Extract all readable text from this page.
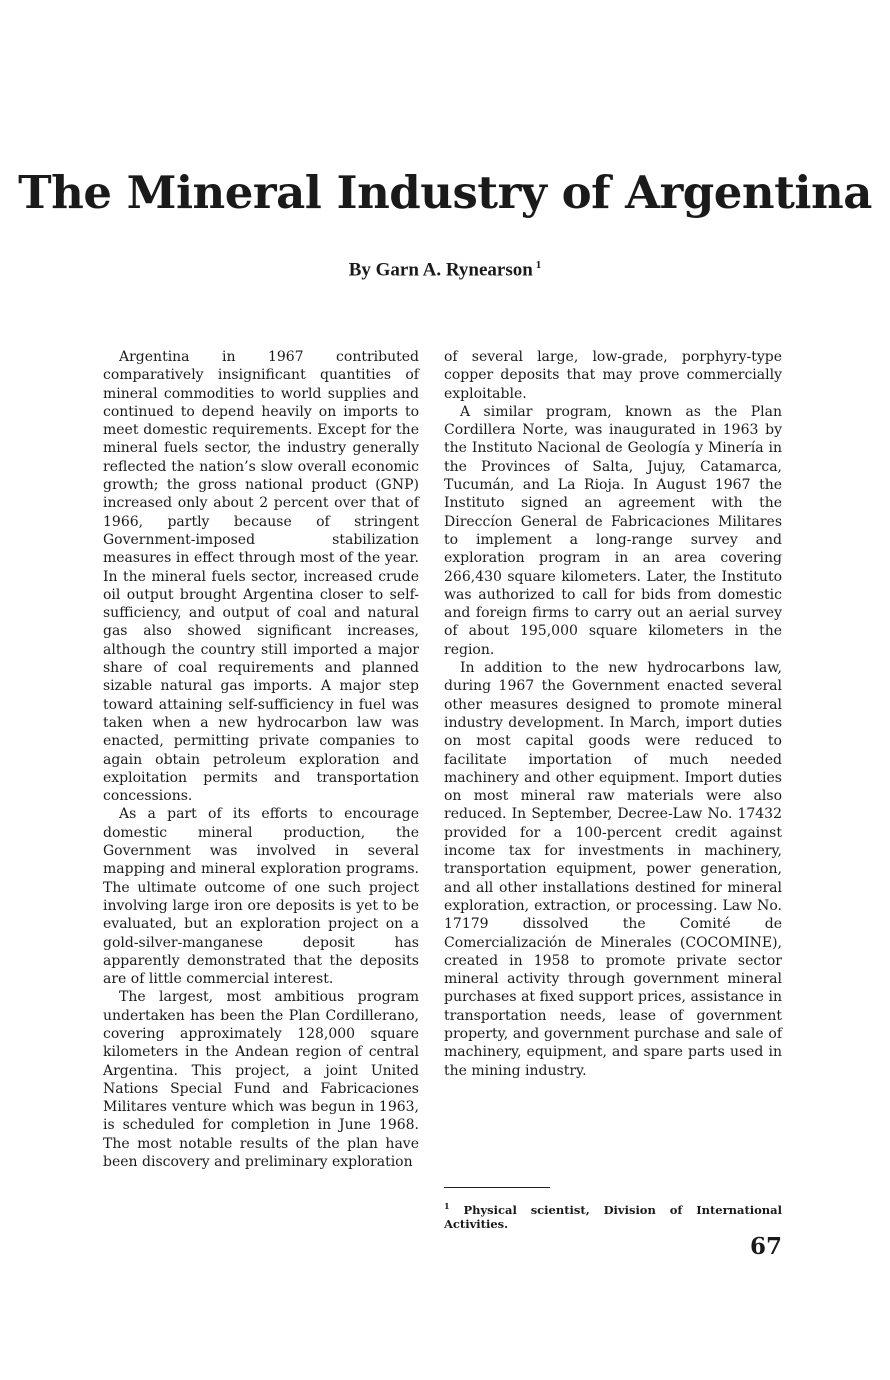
The Mineral Industry of Argentina
By Garn A. Rynearson $^1$

Argentina in 1967 contributed comparatively insignificant quantities of mineral commodities to world supplies and continued to depend heavily on imports to meet domestic requirements. Except for the mineral fuels sector, the industry generally reflected the nation’s slow overall economic growth; the gross national product (GNP) increased only about 2 percent over that of 1966, partly because of stringent Government-imposed stabilization measures in effect through most of the year. In the mineral fuels sector, increased crude oil output brought Argentina closer to self-sufficiency, and output of coal and natural gas also showed significant increases, although the country still imported a major share of coal requirements and planned sizable natural gas imports. A major step toward attaining self-sufficiency in fuel was taken when a new hydrocarbon law was enacted, permitting private companies to again obtain petroleum exploration and exploitation permits and transportation concessions.

As a part of its efforts to encourage domestic mineral production, the Government was involved in several mapping and mineral exploration programs. The ultimate outcome of one such project involving large iron ore deposits is yet to be evaluated, but an exploration project on a gold-silver-manganese deposit has apparently demonstrated that the deposits are of little commercial interest.

The largest, most ambitious program undertaken has been the Plan Cordillerano, covering approximately 128,000 square kilometers in the Andean region of central Argentina. This project, a joint United Nations Special Fund and Fabricaciones Militares venture which was begun in 1963, is scheduled for completion in June 1968. The most notable results of the plan have been discovery and preliminary exploration

of several large, low-grade, porphyry-type copper deposits that may prove commercially exploitable.

A similar program, known as the Plan Cordillera Norte, was inaugurated in 1963 by the Instituto Nacional de Geología y Minería in the Provinces of Salta, Jujuy, Catamarca, Tucumán, and La Rioja. In August 1967 the Instituto signed an agreement with the Direccíon General de Fabricaciones Militares to implement a long-range survey and exploration program in an area covering 266,430 square kilometers. Later, the Instituto was authorized to call for bids from domestic and foreign firms to carry out an aerial survey of about 195,000 square kilometers in the region.

In addition to the new hydrocarbons law, during 1967 the Government enacted several other measures designed to promote mineral industry development. In March, import duties on most capital goods were reduced to facilitate importation of much needed machinery and other equipment. Import duties on most mineral raw materials were also reduced. In September, Decree-Law No. 17432 provided for a 100-percent credit against income tax for investments in machinery, transportation equipment, power generation, and all other installations destined for mineral exploration, extraction, or processing. Law No. 17179 dissolved the Comité de Comercialización de Minerales (COCOMINE), created in 1958 to promote private sector mineral activity through government mineral purchases at fixed support prices, assistance in transportation needs, lease of government property, and government purchase and sale of machinery, equipment, and spare parts used in the mining industry.

$^1$ Physical scientist, Division of International Activities.
67
